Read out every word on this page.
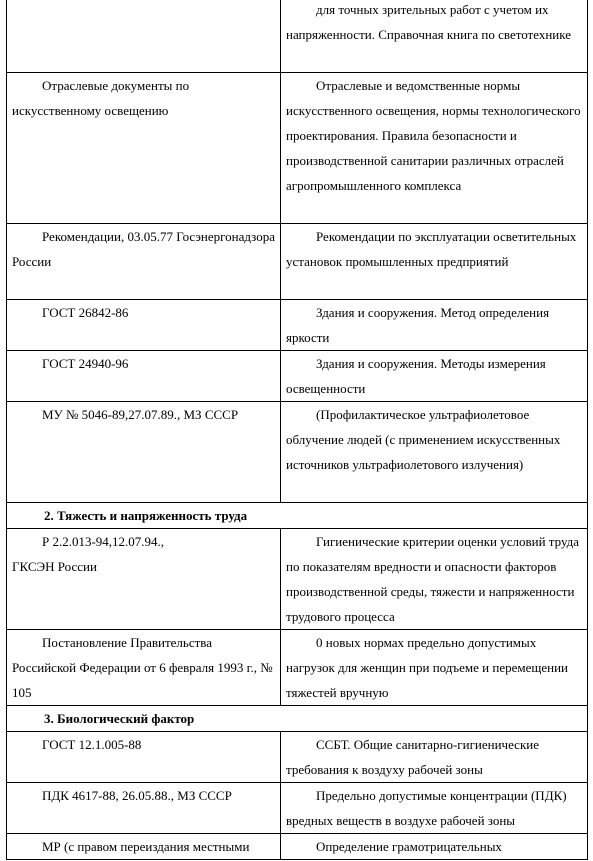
	для точных зрительных работ с учетом их напряженности. Справочная книга по светотехнике
Отраслевые документы по искусственному освещению	Отраслевые и ведомственные нормы искусственного освещения, нормы технологического проектирования. Правила безопасности и производственной санитарии различных отраслей агропромышленного комплекса
Рекомендации, 03.05.77 Госэнергонадзора России	Рекомендации по эксплуатации осветительных установок промышленных предприятий
ГОСТ 26842-86	Здания и сооружения. Метод определения яркости
ГОСТ 24940-96	Здания и сооружения. Методы измерения освещенности
МУ № 5046-89,27.07.89., МЗ СССР	(Профилактическое ультрафиолетовое облучение людей (с применением искусственных источников ультрафиолетового излучения)
2. Тяжесть и напряженность труда	
Р 2.2.013-94,12.07.94.,
ГКСЭН России	Гигиенические критерии оценки условий труда по показателям вредности и опасности факторов производственной среды, тяжести и напряженности трудового процесса
Постановление Правительства Российской Федерации от 6 февраля 1993 г., № 105	0 новых нормах предельно допустимых нагрузок для женщин при подъеме и перемещении тяжестей вручную
3. Биологический фактор	
ГОСТ 12.1.005-88	ССБТ. Общие санитарно-гигиенические требования к воздуху рабочей зоны
ПДК 4617-88, 26.05.88., МЗ СССР	Предельно допустимые концентрации (ПДК) вредных веществ в воздухе рабочей зоны
МР (с правом переиздания местными	Определение грамотрицательных
